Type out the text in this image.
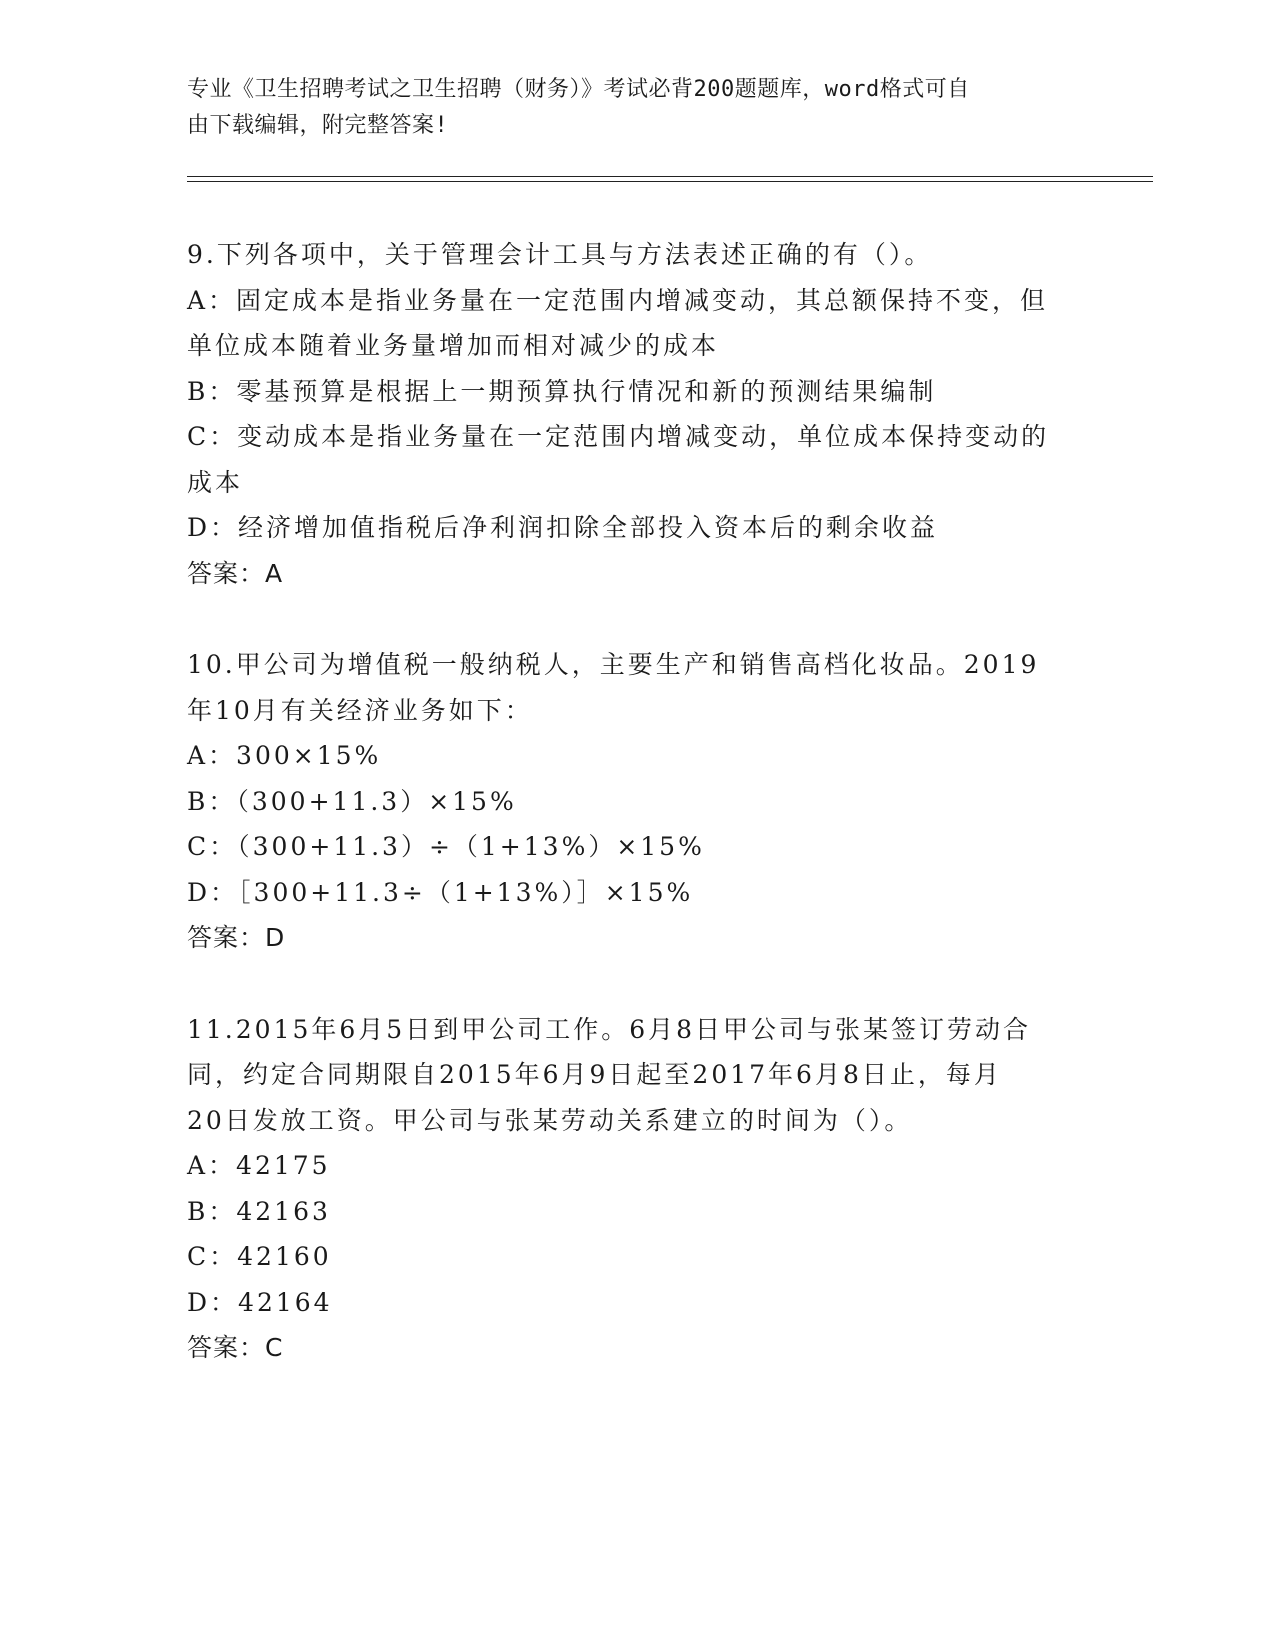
专业《卫生招聘考试之卫生招聘（财务）》考试必背200题题库，word格式可自
由下载编辑，附完整答案!
9.下列各项中，关于管理会计工具与方法表述正确的有（）。
A：固定成本是指业务量在一定范围内增减变动，其总额保持不变，但
单位成本随着业务量增加而相对减少的成本
B：零基预算是根据上一期预算执行情况和新的预测结果编制
C：变动成本是指业务量在一定范围内增减变动，单位成本保持变动的
成本
D：经济增加值指税后净利润扣除全部投入资本后的剩余收益
答案：A
10.甲公司为增值税一般纳税人，主要生产和销售高档化妆品。2019
年10月有关经济业务如下：
A：300×15%
B：（300+11.3）×15%
C：（300+11.3）÷（1+13%）×15%
D：［300+11.3÷（1+13%）］×15%
答案：D
11.2015年6月5日到甲公司工作。6月8日甲公司与张某签订劳动合
同，约定合同期限自2015年6月9日起至2017年6月8日止，每月
20日发放工资。甲公司与张某劳动关系建立的时间为（）。
A：42175
B：42163
C：42160
D：42164
答案：C
